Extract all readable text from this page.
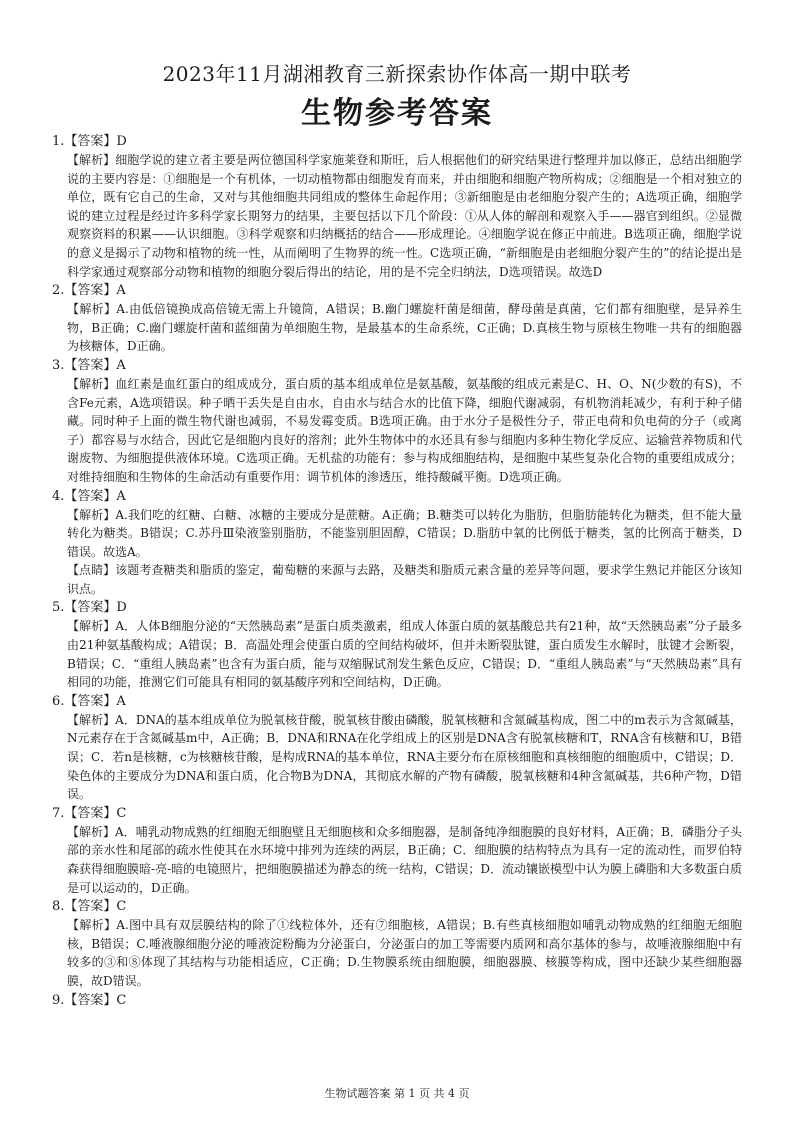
2023年11月湖湘教育三新探索协作体高一期中联考
生物参考答案

1.【答案】D

【解析】细胞学说的建立者主要是两位德国科学家施莱登和斯旺，后人根据他们的研究结果进行整理并加以修正，总结出细胞学说的主要内容是：①细胞是一个有机体，一切动植物都由细胞发育而来，并由细胞和细胞产物所构成；②细胞是一个相对独立的单位，既有它自己的生命，又对与其他细胞共同组成的整体生命起作用；③新细胞是由老细胞分裂产生的；A选项正确，细胞学说的建立过程是经过许多科学家长期努力的结果，主要包括以下几个阶段：①从人体的解剖和观察入手——器官到组织。②显微观察资料的积累——认识细胞。③科学观察和归纳概括的结合——形成理论。④细胞学说在修正中前进。B选项正确，细胞学说的意义是揭示了动物和植物的统一性，从而阐明了生物界的统一性。C选项正确，“新细胞是由老细胞分裂产生的”的结论提出是科学家通过观察部分动物和植物的细胞分裂后得出的结论，用的是不完全归纳法，D选项错误。故选D

2.【答案】A

【解析】A.由低倍镜换成高倍镜无需上升镜筒，A错误；B.幽门螺旋杆菌是细菌，酵母菌是真菌，它们都有细胞壁，是异养生物，B正确；C.幽门螺旋杆菌和蓝细菌为单细胞生物，是最基本的生命系统，C正确；D.真核生物与原核生物唯一共有的细胞器为核糖体，D正确。

3.【答案】A

【解析】血红素是血红蛋白的组成成分，蛋白质的基本组成单位是氨基酸，氨基酸的组成元素是C、H、O、N(少数的有S)，不含Fe元素，A选项错误。种子晒干丢失是自由水，自由水与结合水的比值下降，细胞代谢减弱，有机物消耗减少，有利于种子储藏。同时种子上面的微生物代谢也减弱，不易发霉变质。B选项正确。由于水分子是极性分子，带正电荷和负电荷的分子（或离子）都容易与水结合，因此它是细胞内良好的溶剂；此外生物体中的水还具有参与细胞内多种生物化学反应、运输营养物质和代谢废物、为细胞提供液体环境。C选项正确。无机盐的功能有：参与构成细胞结构，是细胞中某些复杂化合物的重要组成成分；对维持细胞和生物体的生命活动有重要作用：调节机体的渗透压，维持酸碱平衡。D选项正确。

4.【答案】A

【解析】A.我们吃的红糖、白糖、冰糖的主要成分是蔗糖。A正确；B.糖类可以转化为脂肪，但脂肪能转化为糖类，但不能大量转化为糖类。B错误；C.苏丹Ⅲ染液鉴别脂肪，不能鉴别胆固醇，C错误；D.脂肪中氧的比例低于糖类，氢的比例高于糖类，D错误。故选A。

【点睛】该题考查糖类和脂质的鉴定，葡萄糖的来源与去路，及糖类和脂质元素含量的差异等问题，要求学生熟记并能区分该知识点。

5.【答案】D

【解析】A．人体B细胞分泌的“天然胰岛素”是蛋白质类激素，组成人体蛋白质的氨基酸总共有21种，故“天然胰岛素”分子最多由21种氨基酸构成；A错误；B．高温处理会使蛋白质的空间结构破坏，但并未断裂肽键，蛋白质发生水解时，肽键才会断裂，B错误；C．“重组人胰岛素”也含有为蛋白质，能与双缩脲试剂发生紫色反应，C错误；D．“重组人胰岛素”与“天然胰岛素”具有相同的功能，推测它们可能具有相同的氨基酸序列和空间结构，D正确。

6.【答案】A

【解析】A．DNA的基本组成单位为脱氧核苷酸，脱氧核苷酸由磷酸，脱氧核糖和含氮碱基构成，图二中的m表示为含氮碱基，N元素存在于含氮碱基m中，A正确；B．DNA和RNA在化学组成上的区别是DNA含有脱氧核糖和T，RNA含有核糖和U，B错误；C．若n是核糖，c为核糖核苷酸，是构成RNA的基本单位，RNA主要分布在原核细胞和真核细胞的细胞质中，C错误；D．染色体的主要成分为DNA和蛋白质，化合物B为DNA，其彻底水解的产物有磷酸，脱氧核糖和4种含氮碱基，共6种产物，D错误。

7.【答案】C

【解析】A．哺乳动物成熟的红细胞无细胞壁且无细胞核和众多细胞器，是制备纯净细胞膜的良好材料，A正确；B．磷脂分子头部的亲水性和尾部的疏水性使其在水环境中排列为连续的两层，B正确；C．细胞膜的结构特点为具有一定的流动性，而罗伯特森获得细胞膜暗-亮-暗的电镜照片，把细胞膜描述为静态的统一结构，C错误；D．流动镶嵌模型中认为膜上磷脂和大多数蛋白质是可以运动的，D正确。

8.【答案】C

【解析】A.图中具有双层膜结构的除了①线粒体外，还有⑦细胞核，A错误；B.有些真核细胞如哺乳动物成熟的红细胞无细胞核，B错误；C.唾液腺细胞分泌的唾液淀粉酶为分泌蛋白，分泌蛋白的加工等需要内质网和高尔基体的参与，故唾液腺细胞中有较多的③和⑧体现了其结构与功能相适应，C正确；D.生物膜系统由细胞膜，细胞器膜、核膜等构成，图中还缺少某些细胞器膜，故D错误。

9.【答案】C

生物试题答案 第 1 页 共 4 页
